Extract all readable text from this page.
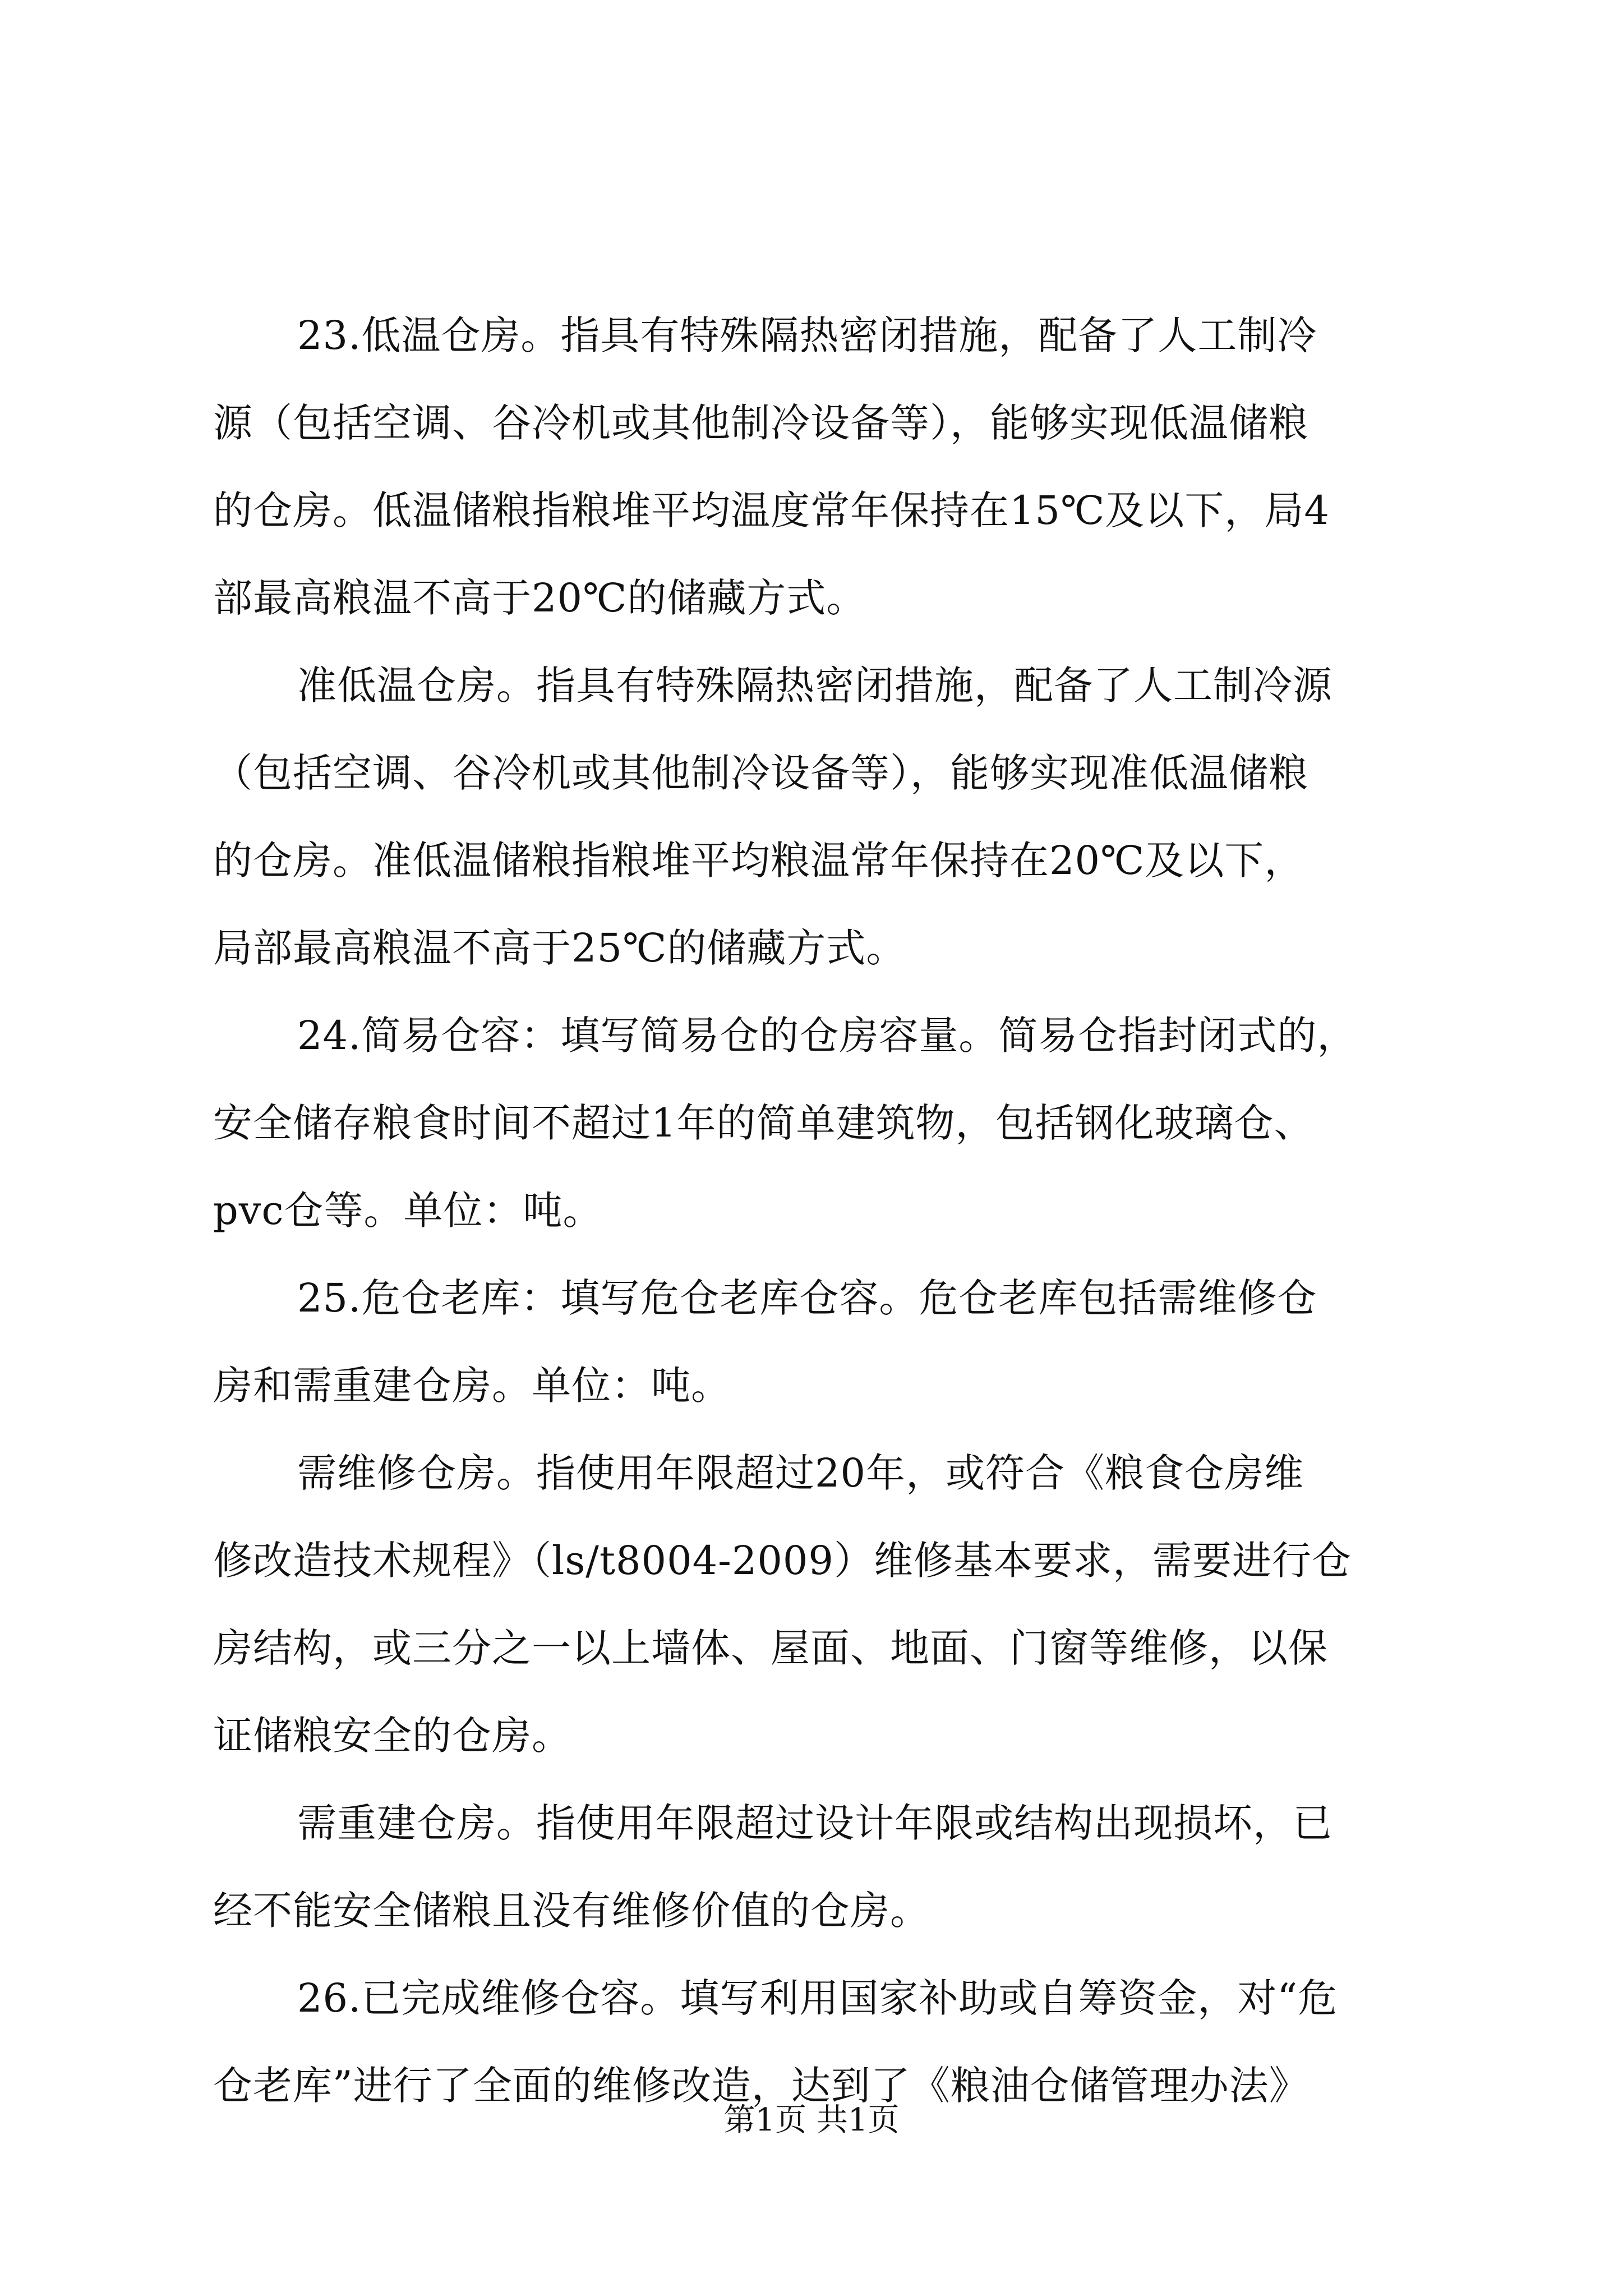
23.低温仓房。指具有特殊隔热密闭措施，配备了人工制冷
源（包括空调、谷冷机或其他制冷设备等），能够实现低温储粮
的仓房。低温储粮指粮堆平均温度常年保持在15℃及以下，局4
部最高粮温不高于20℃的储藏方式。
准低温仓房。指具有特殊隔热密闭措施，配备了人工制冷源
（包括空调、谷冷机或其他制冷设备等），能够实现准低温储粮
的仓房。准低温储粮指粮堆平均粮温常年保持在20℃及以下，
局部最高粮温不高于25℃的储藏方式。
24.简易仓容：填写简易仓的仓房容量。简易仓指封闭式的，
安全储存粮食时间不超过1年的简单建筑物，包括钢化玻璃仓、
pvc仓等。单位：吨。
25.危仓老库：填写危仓老库仓容。危仓老库包括需维修仓
房和需重建仓房。单位：吨。
需维修仓房。指使用年限超过20年，或符合《粮食仓房维
修改造技术规程》（ls/t8004-2009）维修基本要求，需要进行仓
房结构，或三分之一以上墙体、屋面、地面、门窗等维修，以保
证储粮安全的仓房。
需重建仓房。指使用年限超过设计年限或结构出现损坏，已
经不能安全储粮且没有维修价值的仓房。
26.已完成维修仓容。填写利用国家补助或自筹资金，对“危
仓老库”进行了全面的维修改造，达到了《粮油仓储管理办法》
第1页 共1页
